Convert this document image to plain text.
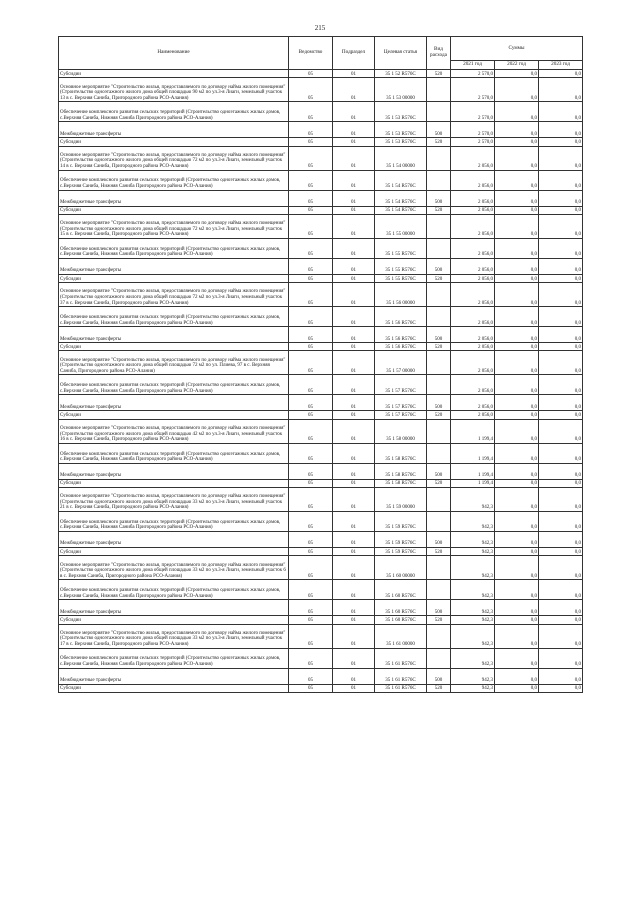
215
Наименование	Ведомство	Подраздел	Целевая статья	Вид расхода	Суммы		
					2021 год	2022 год	2023 год
Субсидии	05	01	35 1 52 R576C	520	2 570,0	0,0	0,0
Основное мероприятие "Строительство жилья, предоставляемого по договору найма жилого помещения" (Строительство одноэтажного жилого дома общей площадью 90 м2 по ул.3-я Лиаги, земельный участок 13 в с. Верхняя Саниба, Пригородного района РСО-Алания)	05	01	35 1 53 00000		2 570,0	0,0	0,0
Обеспечение комплексного развития сельских территорий (Строительство одноэтажных жилых домов, с.Верхняя Саниба, Нижняя Саниба Пригородного района РСО-Алания)	05	01	35 1 53 R576C		2 570,0	0,0	0,0
Межбюджетные трансферты	05	01	35 1 53 R576C	500	2 570,0	0,0	0,0
Субсидии	05	01	35 1 53 R576C	520	2 570,0	0,0	0,0
Основное мероприятие "Строительство жилья, предоставляемого по договору найма жилого помещения" (Строительство одноэтажного жилого дома общей площадью 72 м2 по ул.3-я Лиаги, земельный участок 14 в с. Верхняя Саниба, Пригородного района РСО-Алания)	05	01	35 1 54 00000		2 056,0	0,0	0,0
Обеспечение комплексного развития сельских территорий (Строительство одноэтажных жилых домов, с.Верхняя Саниба, Нижняя Саниба Пригородного района РСО-Алания)	05	01	35 1 54 R576C		2 056,0	0,0	0,0
Межбюджетные трансферты	05	01	35 1 54 R576C	500	2 056,0	0,0	0,0
Субсидии	05	01	35 1 54 R576C	520	2 056,0	0,0	0,0
Основное мероприятие "Строительство жилья, предоставляемого по договору найма жилого помещения" (Строительство одноэтажного жилого дома общей площадью 72 м2 по ул.3-я Лиаги, земельный участок 15 в с. Верхняя Саниба, Пригородного района РСО-Алания)	05	01	35 1 55 00000		2 056,0	0,0	0,0
Обеспечение комплексного развития сельских территорий (Строительство одноэтажных жилых домов, с.Верхняя Саниба, Нижняя Саниба Пригородного района РСО-Алания)	05	01	35 1 55 R576C		2 056,0	0,0	0,0
Межбюджетные трансферты	05	01	35 1 55 R576C	500	2 056,0	0,0	0,0
Субсидии	05	01	35 1 55 R576C	520	2 056,0	0,0	0,0
Основное мероприятие "Строительство жилья, предоставляемого по договору найма жилого помещения" (Строительство одноэтажного жилого дома общей площадью 72 м2 по ул.3-я Лиаги, земельный участок 37 в с. Верхняя Саниба, Пригородного района РСО-Алания)	05	01	35 1 56 00000		2 056,0	0,0	0,0
Обеспечение комплексного развития сельских территорий (Строительство одноэтажных жилых домов, с.Верхняя Саниба, Нижняя Саниба Пригородного района РСО-Алания)	05	01	35 1 56 R576C		2 056,0	0,0	0,0
Межбюджетные трансферты	05	01	35 1 56 R576C	500	2 056,0	0,0	0,0
Субсидии	05	01	35 1 56 R576C	520	2 056,0	0,0	0,0
Основное мероприятие "Строительство жилья, предоставляемого по договору найма жилого помещения" (Строительство одноэтажного жилого дома общей площадью 72 м2 по ул. Плиева, 97 в с. Верхняя Саниба, Пригородного района РСО-Алания)	05	01	35 1 57 00000		2 056,0	0,0	0,0
Обеспечение комплексного развития сельских территорий (Строительство одноэтажных жилых домов, с.Верхняя Саниба, Нижняя Саниба Пригородного района РСО-Алания)	05	01	35 1 57 R576C		2 056,0	0,0	0,0
Межбюджетные трансферты	05	01	35 1 57 R576C	500	2 056,0	0,0	0,0
Субсидии	05	01	35 1 57 R576C	520	2 056,0	0,0	0,0
Основное мероприятие "Строительство жилья, предоставляемого по договору найма жилого помещения" (Строительство одноэтажного жилого дома общей площадью 42 м2 по ул.3-я Лиаги, земельный участок 16 в с. Верхняя Саниба, Пригородного района РСО-Алания)	05	01	35 1 58 00000		1 199,4	0,0	0,0
Обеспечение комплексного развития сельских территорий (Строительство одноэтажных жилых домов, с.Верхняя Саниба, Нижняя Саниба Пригородного района РСО-Алания)	05	01	35 1 58 R576C		1 199,4	0,0	0,0
Межбюджетные трансферты	05	01	35 1 58 R576C	500	1 199,4	0,0	0,0
Субсидии	05	01	35 1 58 R576C	520	1 199,4	0,0	0,0
Основное мероприятие "Строительство жилья, предоставляемого по договору найма жилого помещения" (Строительство одноэтажного жилого дома общей площадью 33 м2 по ул.3-я Лиаги, земельный участок 21 в с. Верхняя Саниба, Пригородного района РСО-Алания)	05	01	35 1 59 00000		942,3	0,0	0,0
Обеспечение комплексного развития сельских территорий (Строительство одноэтажных жилых домов, с.Верхняя Саниба, Нижняя Саниба Пригородного района РСО-Алания)	05	01	35 1 59 R576C		942,3	0,0	0,0
Межбюджетные трансферты	05	01	35 1 59 R576C	500	942,3	0,0	0,0
Субсидии	05	01	35 1 59 R576C	520	942,3	0,0	0,0
Основное мероприятие "Строительство жилья, предоставляемого по договору найма жилого помещения" (Строительство одноэтажного жилого дома общей площадью 33 м2 по ул.3-я Лиаги, земельный участок 6 в с. Верхняя Саниба, Пригородного района РСО-Алания)	05	01	35 1 60 00000		942,3	0,0	0,0
Обеспечение комплексного развития сельских территорий (Строительство одноэтажных жилых домов, с.Верхняя Саниба, Нижняя Саниба Пригородного района РСО-Алания)	05	01	35 1 60 R576C		942,3	0,0	0,0
Межбюджетные трансферты	05	01	35 1 60 R576C	500	942,3	0,0	0,0
Субсидии	05	01	35 1 60 R576C	520	942,3	0,0	0,0
Основное мероприятие "Строительство жилья, предоставляемого по договору найма жилого помещения" (Строительство одноэтажного жилого дома общей площадью 33 м2 по ул.3-я Лиаги, земельный участок 17 в с. Верхняя Саниба, Пригородного района РСО-Алания)	05	01	35 1 61 00000		942,3	0,0	0,0
Обеспечение комплексного развития сельских территорий (Строительство одноэтажных жилых домов, с.Верхняя Саниба, Нижняя Саниба Пригородного района РСО-Алания)	05	01	35 1 61 R576C		942,3	0,0	0,0
Межбюджетные трансферты	05	01	35 1 61 R576C	500	942,3	0,0	0,0
Субсидии	05	01	35 1 61 R576C	520	942,3	0,0	0,0
